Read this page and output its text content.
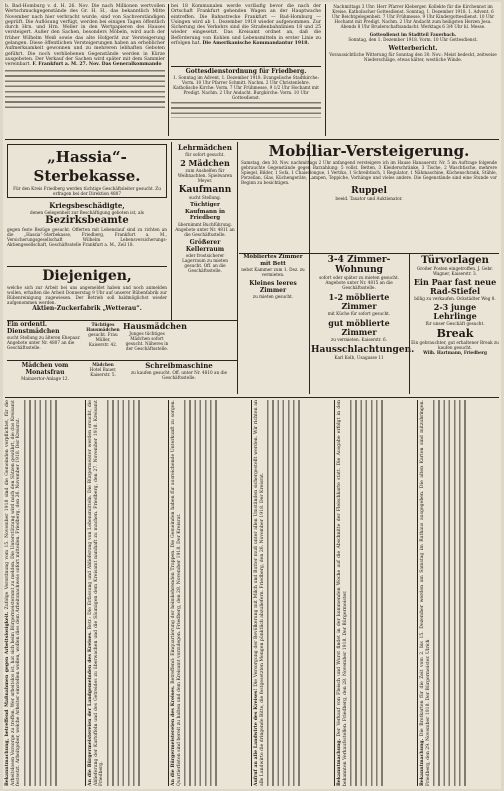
b. Bad-Homburg v. d. H. 26. Nov. Die nach Millionen wertvollen Wertschmuckgegenstände des Gr. H. H., das bekanntlich Mitte November nach hier verbracht wurde, sind von Sachverständigen geprüft. Die Auflösung verfügt, werden bei einigen Tagen öffentlich durch Hrn. und Hrn. Weller in den Wertpapieren des Hauses versteigert. Außer den Sachen, besonders Möbeln, wird auch der früher Wilhelm Weiß sowie das alte Hofgerät zur Versteigerung gelangen. Diese öffentlichen Versteigerungen haben an erheblicher Aufmerksamkeit gewonnen und zu mehreren lebhaften Geboten geführt. Die noch verbliebenen Gegenstände werden in Kürze ausgeboten. Der Verkauf der Sachen wird später mit dem Sammler vereinbart. F. Frankfurt a. M. 27. Nov. Das Generalkommando
bei 18 Kommunalen werde vorläufig bevor die nach der Ortschaft Frankfurt gehenden Wagen an der Hauptwache eintreffen. Die Bahnstrecke Frankfurt — Bad-Homburg — Usingen wird ab 1. Dezember 1918 wieder aufgenommen. Zur Sicherung des Verkehrs sind die Straßenbahnlinien 18 und 25 wieder eingesetzt. Das Kreisamt ordnet an, daß die Beförderung von Kohlen und Lebensmitteln in erster Linie zu erfolgen hat. Die Amerikanische Kommandantur 1918.
Gottesdienstordnung für Friedberg.
1. Sonntag im Advent, 1. Dezember 1918. Evangelische Stadtkirche: Vorm. 10 Uhr Pfarrer Schmitt. Nachm. 2 Uhr Christenlehre. Katholische Kirche: Vorm. 7 Uhr Frühmesse, 9 1/2 Uhr Hochamt mit Predigt. Nachm. 2 Uhr Andacht. Burgkirche: Vorm. 10 Uhr Gottesdienst.
Nachmittags 3 Uhr: Herr Pfarrer Kleberger. Kollekte für die Kirchennot im Kreise. Katholischer Gottesdienst. Sonntag, 1. Dezember 1918. 1. Advent. 6 Uhr Beichtgelegenheit. 7 Uhr Frühmesse. 9 Uhr Kindergottesdienst. 10 Uhr Hochamt mit Predigt. Nachm. 2 Uhr Andacht zum heiligsten Herzen Jesu. Abends 8 Uhr Bruderschaftsandacht. Werktags 6 3/4 Uhr hl. Messe.
Gottesdienst im Stadtteil Fauerbach.
Sonntag, den 1. Dezember 1918. Vorm. 10 Uhr Gottesdienst.
Wetterbericht.
Voraussichtliche Witterung für Sonntag den 30. Nov.: Meist bedeckt, zeitweise Niederschläge, etwas kälter, westliche Winde.
„Hassia“-Sterbekasse.
Für den Kreis Friedberg werden tüchtige Geschäftsleiter gesucht. Zu erfragen bei der Direktion 4807
Kriegsbeschädigte,
denen Gelegenheit zur Beschäftigung geboten ist, als
Bezirksbeamte
gegen feste Bezüge gesucht. Offerten mit Lebenslauf sind zu richten an die „Hassia“-Sterbekasse, Friedberg, Frankfurt a. M., Versicherungsgesellschaft Wilhelm Lebensversicherungs-Aktiengesellschaft, Geschäftsstelle Frankfurt a. M., Zeil 18.
Diejenigen,
welche sich zur Arbeit bei uns angemeldet haben und noch anmelden wollen, erhalten die Arbeit Donnerstag 9 Uhr auf unserer Rübenfabrik zur Rübenreinigung zugewiesen. Der Betrieb soll baldmöglichst wieder aufgenommen werden.
Aktien-Zuckerfabrik „Wetterau“.
Ein ordentl. Dienstmädchen
sucht Stellung zu älteren Ehepaar. Angebote unter Nr. 4807 an die Geschäftsstelle.
Tüchtiges Hausmädchen
gesucht. Frau Müller, Kaiserstr. 42.
Hausmädchen
Junges tüchtiges Mädchen sofort gesucht. Näheres in der Geschäftsstelle.
Mädchen vom Monatsfrau
Mainzertor-Anlage 12.
Mädchen
Hotel Bauer, Kaiserstr. 5.
Schreibmaschine
zu kaufen gesucht. Off. unter Nr. 4810 an die Geschäftsstelle.
Lehrmädchen
für sofort gesucht.
2 Mädchen
zum Aushelfen für Weihnachten. Spielwaren Meyer.
Kaufmann
sucht Stellung.
Tüchtiger Kaufmann in Friedberg
übernimmt Buchführung. Angebote unter Nr. 4811 an die Geschäftsstelle.
Größerer Kellerraum
oder frostsicherer Lagerraum zu mieten gesucht. Off. an die Geschäftsstelle.
Möbliertes Zimmer mit Bett
nebst Kammer zum 1. Dez. zu vermieten.
Kleines leeres Zimmer
zu mieten gesucht.
Mobiliar-Versteigerung.
Samstag, den 30. Nov. nachmittags 2 Uhr anfangend versteigere ich im Hause Hanauerstr. Nr. 5 im Auftrage folgende gebrauchte Gegenstände gegen Barzahlung: 5 vollst. Betten, 3 Kleiderschränke, 3 Tische, 2 Waschtische, mehrere Spiegel, Bilder, 1 Sofa, 1 Chaiselongue, 1 Vertiko, 1 Schreibtisch, 1 Regulator, 1 Nähmaschine, Küchenschrank, Stühle, Porzellan, Glas, Küchengeräte, Lampen, Teppiche, Vorhänge und vieles andere. Die Gegenstände sind eine Stunde vor Beginn zu besichtigen.
Ruppel
beeid. Taxator und Auktionator.
3-4 Zimmer-Wohnung
sofort oder später zu mieten gesucht. Angebote unter Nr. 4815 an die Geschäftsstelle.
1-2 möblierte Zimmer
mit Küche für sofort gesucht.
gut möblierte Zimmer
zu vermieten. Kaiserstr. 6.
Hausschlachtungen.
Karl Kolb, Usagasse 11
Türvorlagen
Großer Posten eingetroffen. J. Gebr. Wagner, Kaiserstr. 3.
Ein Paar fast neue Rad-Stiefel
billig zu verkaufen. Ockstädter Weg 8.
2-3 junge Lehrlinge
für unser Geschäft gesucht.
Break
Ein gebrauchter, gut erhaltener Break zu kaufen gesucht.
Wilh. Hartmann, Friedberg
Bekanntmachung, betreffend Maßnahmen gegen Arbeitslosigkeit. Zufolge Verordnung vom 15. November 1918 sind die Gemeinden verpflichtet, für die Arbeitslosen Vorsorge zu treffen. Wer arbeitslos ist, hat sich beim Bürgermeisteramt zu melden. Die Unterstützung wird nach den Sätzen gewährt, die das Kreisamt festsetzt. Arbeitgeber, welche Arbeiter einstellen wollen, wollen dies dem Arbeitsnachweis sofort mitteilen. Friedberg, den 26. November 1918. Der Kreisrat.	An die Bürgermeistereien der Landgemeinden des Kreises. Betr.: Die Erfassung und Ablieferung von Lebensmitteln. Die Bürgermeister werden ersucht, die Ablieferung der Kartoffeln und des Getreides zu überwachen und die Säumigen dem Kreisamt namhaft zu machen. Friedberg, den 27. November 1918. Kreisamt Friedberg.	An die Bürgermeistereien des Kreises. Betreffend: Einquartierung der heimkehrenden Truppen. Die Gemeinden haben für ausreichende Unterkunft zu sorgen. Quartierlisten sind bereit zu halten und dem Kreisamt vorzulegen. Friedberg, den 28. November 1918. Der Kreisrat.	Aufruf an alle Landwirte des Kreises! Die Versorgung der Bevölkerung mit Milch und Butter muß unter allen Umständen sichergestellt werden. Wir richten an alle Landwirte die dringende Bitte, die festgesetzten Mengen pünktlich abzuliefern. Friedberg, den 26. November 1918. Der Kreisrat.	Bekanntmachung. Der Verkauf von Fleisch und Wurst findet in der kommenden Woche auf die Abschnitte der Fleischkarte statt. Die Ausgabe erfolgt in den bekannten Verkaufsstellen. Friedberg, den 28. November 1918. Der Bürgermeister.	Bekanntmachung. Die Brotkarten für die Zeit vom 2. bis 15. Dezember werden am Samstag im Rathaus ausgegeben. Die alten Karten sind mitzubringen. Friedberg, den 29. November 1918. Der Bürgermeister. Ulrich
